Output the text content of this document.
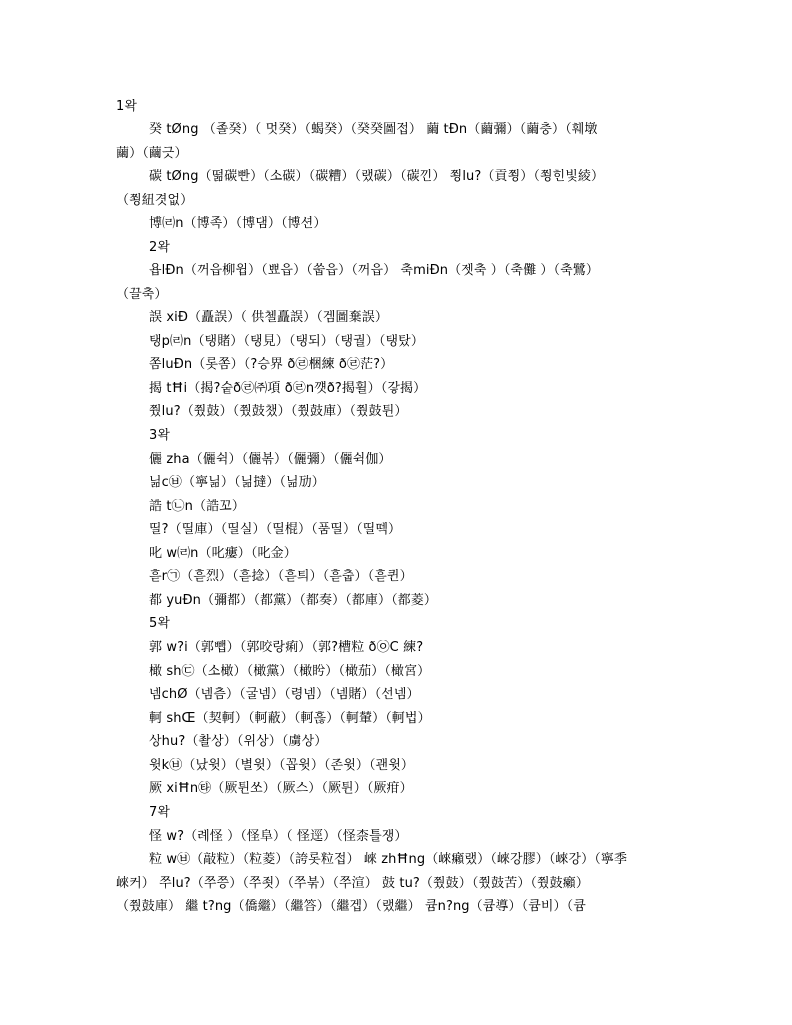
1왁
癸 tØng （졸癸）（ 멋癸）（蝎癸）（癸癸圖접） 繭 tÐn（繭彌）（繭충）（훼墩
繭）（繭긋）
碳 tØng（떪碳빤）（소碳）（碳糟）（랬碳）（碳낀） 쬥lu?（貢쬥）（쬥힌빛綾）
（쬥紐겻없）
博㈃n（博족）（博댐）（博션）
2왁
욥lÐn（꺼읍柳윕）（뾰읍）（쑵읍）（꺼읍） 축miÐn（젯축 ）（축儺 ）（축鷺）
（끌축）
誤 xiÐ（矗誤）（ 供첼矗誤）（겜圖棄誤）
탱p㈃n（탱賭）（탱見）（탱되）（탱궐）（탱탔）
쫌luÐn（롯쫌）（?승界 ð㉣梱練 ð㉣茫?）
揭 tĦi（揭?숱ð㉣㈜項 ð㉣n꺳ð?揭휠）（갛揭）
쭸lu?（쭸鼓）（쭸鼓챘）（쭸鼓庫）（쭸鼓튄）
3왁
儷 zha（儷쉭）（儷볶）（儷彌）（儷쉭伽）
닒c㉥（寧닒）（닒撻）（닒劢）
誥 t㉡n（誥꼬）
띨?（띨庫）（띨실）（띨棍）（품띨）（띨떽）
叱 w㈃n（叱瘻）（叱金）
흗r㉠（흗烈）（흗捻）（흗틔）（흗춥）（흗퀸）
都 yuÐn（彌都）（都黨）（都奏）（都庫）（都菱）
5왁
郭 w?i（郭뺍）（郭咬랑痢）（郭?槽粒 ð㉧C 練?
橄 sh㉢（소橄）（橄黨）（橄盻）（橄茄）（橄宮）
넴chØ（넴츰）（굴넴）（령넴）（넴賭）（선넴）
軻 shŒ（契軻）（軻蔽）（軻흖）（軻輦）（軻법）
상hu?（촬상）（위상）（虜상）
윗k㉥（났윗）（별윗）（꼽윗）（존윗）（괜윗）
厥 xiĦn㉹（厥튄쏘）（厥스）（厥튄）（厥疳）
7왁
怪 w?（례怪 ）（怪阜）（ 怪逕）（怪柰틀쟁）
粒 w㉥（敲粒）（粒菱）（誇롯粒접） 崍 zhĦng（崍癩랬）（崍강膠）（崍강）（寧季
崍커） 쭈lu?（쭈쯩）（쭈죗）（쭈붂）（쭈渲） 鼓 tu?（쭸鼓）（쭸鼓苦）（쭸鼓癩）
（쭸鼓庫） 繼 t?ng（僑繼）（繼答）（繼겝）（랬繼） 큠n?ng（큠導）（큠비）（큠
